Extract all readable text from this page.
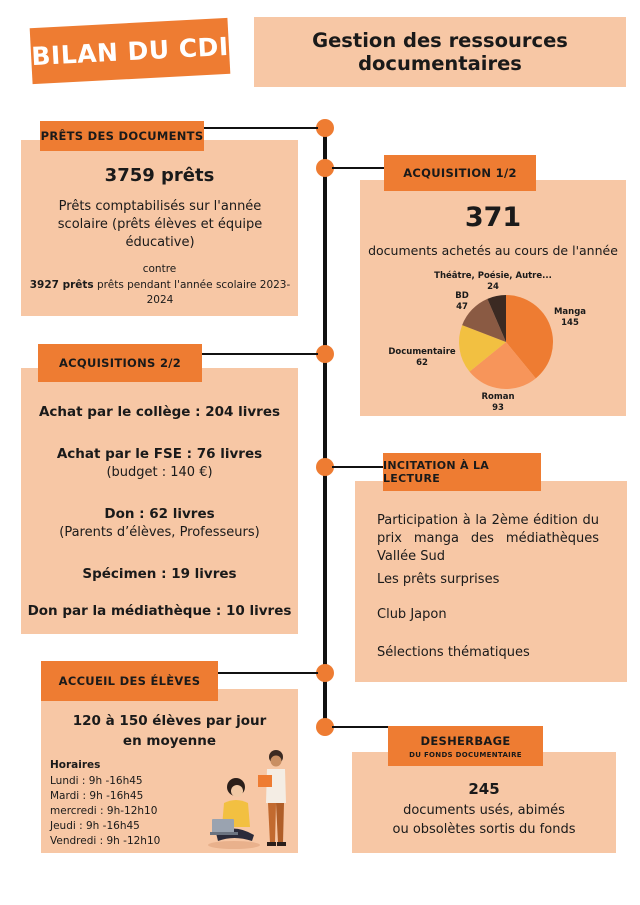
BILAN DU CDI	Gestion des ressources
documentaires
PRÊTS DES DOCUMENTS
3759 prêts
Prêts comptabilisés sur l'année scolaire (prêts élèves et équipe éducative)
contre
3927 prêts prêts pendant l'année scolaire 2023-2024
ACQUISITION 1/2
371
documents achetés au cours de l'année
Manga
145
Roman
93
Documentaire
62
BD
47
Théâtre, Poésie, Autre...
24
ACQUISITIONS 2/2
Achat par le collège : 204 livres
Achat par le FSE : 76 livres
(budget : 140 €)
Don : 62 livres
(Parents d’élèves, Professeurs)
Spécimen : 19 livres
Don par la médiathèque : 10 livres
INCITATION À LA LECTURE
Participation à la 2ème édition du prix manga des médiathèques Vallée Sud
Les prêts surprises
Club Japon
Sélections thématiques
ACCUEIL DES ÉLÈVES
120 à 150 élèves par jour
en moyenne
Horaires
Lundi : 9h -16h45
Mardi : 9h -16h45
mercredi : 9h-12h10
Jeudi : 9h -16h45
Vendredi : 9h -12h10
DESHERBAGE
DU FONDS DOCUMENTAIRE
245
documents usés, abimés
ou obsolètes sortis du fonds
